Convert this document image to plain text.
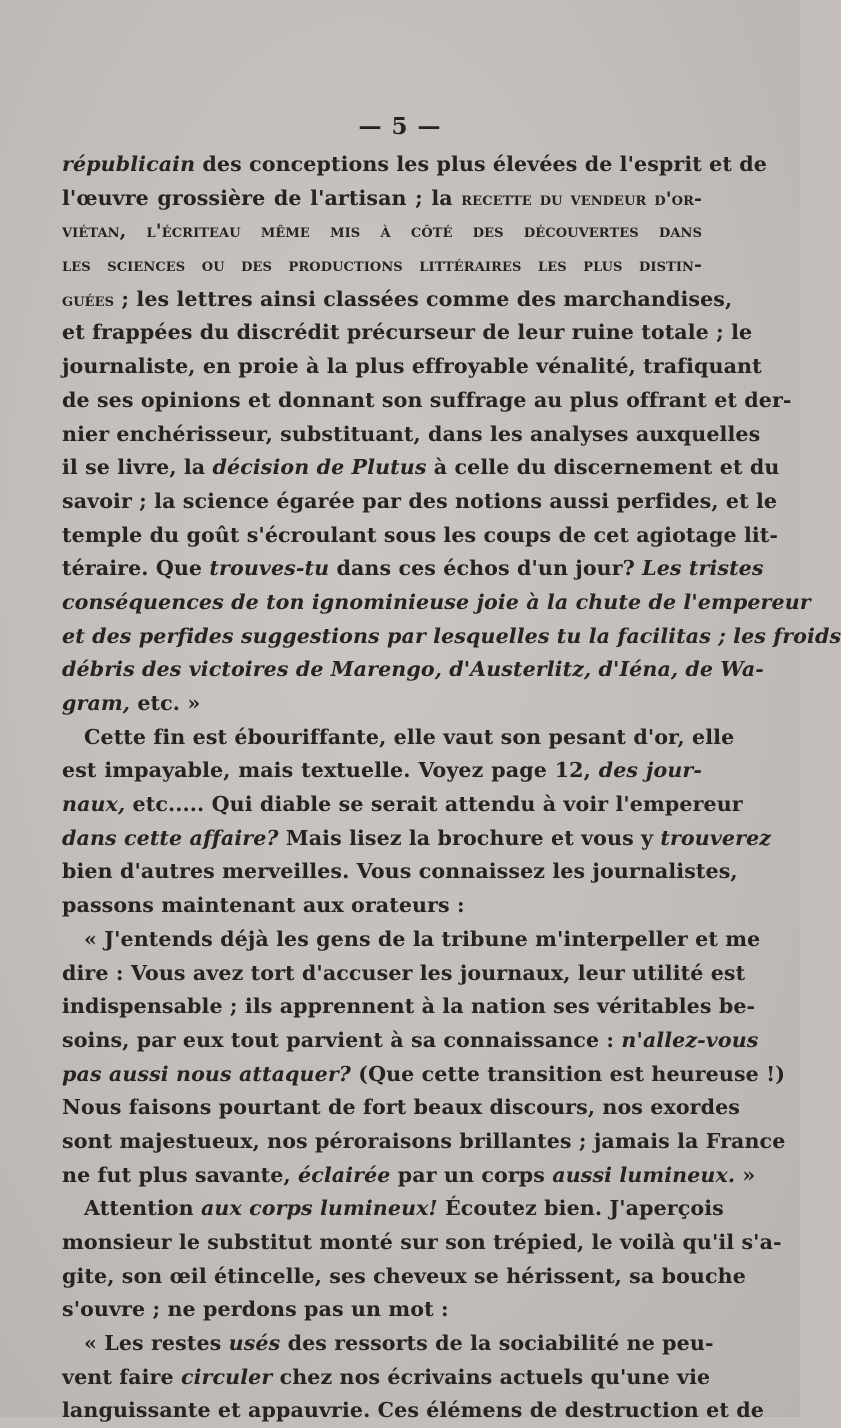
— 5 —
républicain des conceptions les plus élevées de l'esprit et de
l'œuvre grossière de l'artisan ; la recette du vendeur d'or-
viétan, l'écriteau même mis à côté des découvertes dans
les sciences ou des productions littéraires les plus distin-
guées ; les lettres ainsi classées comme des marchandises,
et frappées du discrédit précurseur de leur ruine totale ; le
journaliste, en proie à la plus effroyable vénalité, trafiquant
de ses opinions et donnant son suffrage au plus offrant et der-
nier enchérisseur, substituant, dans les analyses auxquelles
il se livre, la décision de Plutus à celle du discernement et du
savoir ; la science égarée par des notions aussi perfides, et le
temple du goût s'écroulant sous les coups de cet agiotage lit-
téraire. Que trouves-tu dans ces échos d'un jour? Les tristes
conséquences de ton ignominieuse joie à la chute de l'empereur
et des perfides suggestions par lesquelles tu la facilitas ; les froids
débris des victoires de Marengo, d'Austerlitz, d'Iéna, de Wa-
gram, etc. »
Cette fin est ébouriffante, elle vaut son pesant d'or, elle
est impayable, mais textuelle. Voyez page 12, des jour-
naux, etc..... Qui diable se serait attendu à voir l'empereur
dans cette affaire? Mais lisez la brochure et vous y trouverez
bien d'autres merveilles. Vous connaissez les journalistes,
passons maintenant aux orateurs :
« J'entends déjà les gens de la tribune m'interpeller et me
dire : Vous avez tort d'accuser les journaux, leur utilité est
indispensable ; ils apprennent à la nation ses véritables be-
soins, par eux tout parvient à sa connaissance : n'allez-vous
pas aussi nous attaquer? (Que cette transition est heureuse !)
Nous faisons pourtant de fort beaux discours, nos exordes
sont majestueux, nos péroraisons brillantes ; jamais la France
ne fut plus savante, éclairée par un corps aussi lumineux. »
Attention aux corps lumineux! Écoutez bien. J'aperçois
monsieur le substitut monté sur son trépied, le voilà qu'il s'a-
gite, son œil étincelle, ses cheveux se hérissent, sa bouche
s'ouvre ; ne perdons pas un mot :
« Les restes usés des ressorts de la sociabilité ne peu-
vent faire circuler chez nos écrivains actuels qu'une vie
languissante et appauvrie. Ces élémens de destruction et de
